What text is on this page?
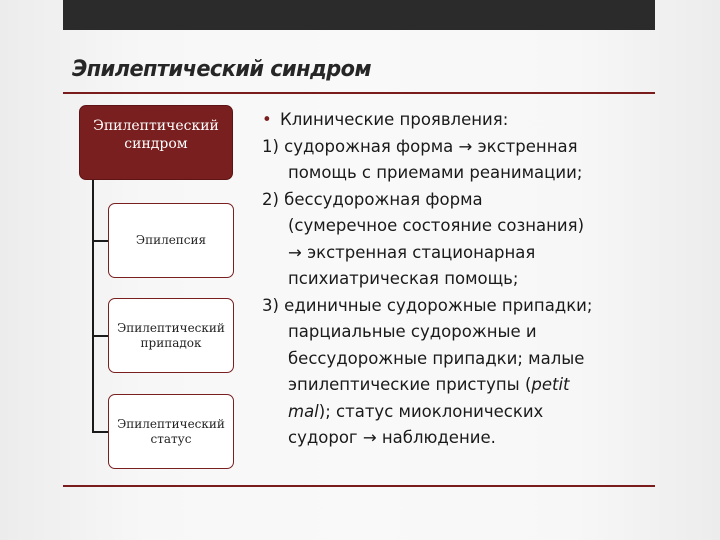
Эпилептический синдром
Эпилептический синдром
Эпилепсия
Эпилептический припадок
Эпилептический статус
• Клинические проявления:
1) судорожная форма → экстренная
помощь с приемами реанимации;
2) бессудорожная форма
(сумеречное состояние сознания)
→ экстренная стационарная
психиатрическая помощь;
3) единичные судорожные припадки;
парциальные судорожные и
бессудорожные припадки; малые
эпилептические приступы (petit
mal); статус миоклонических
судорог → наблюдение.
